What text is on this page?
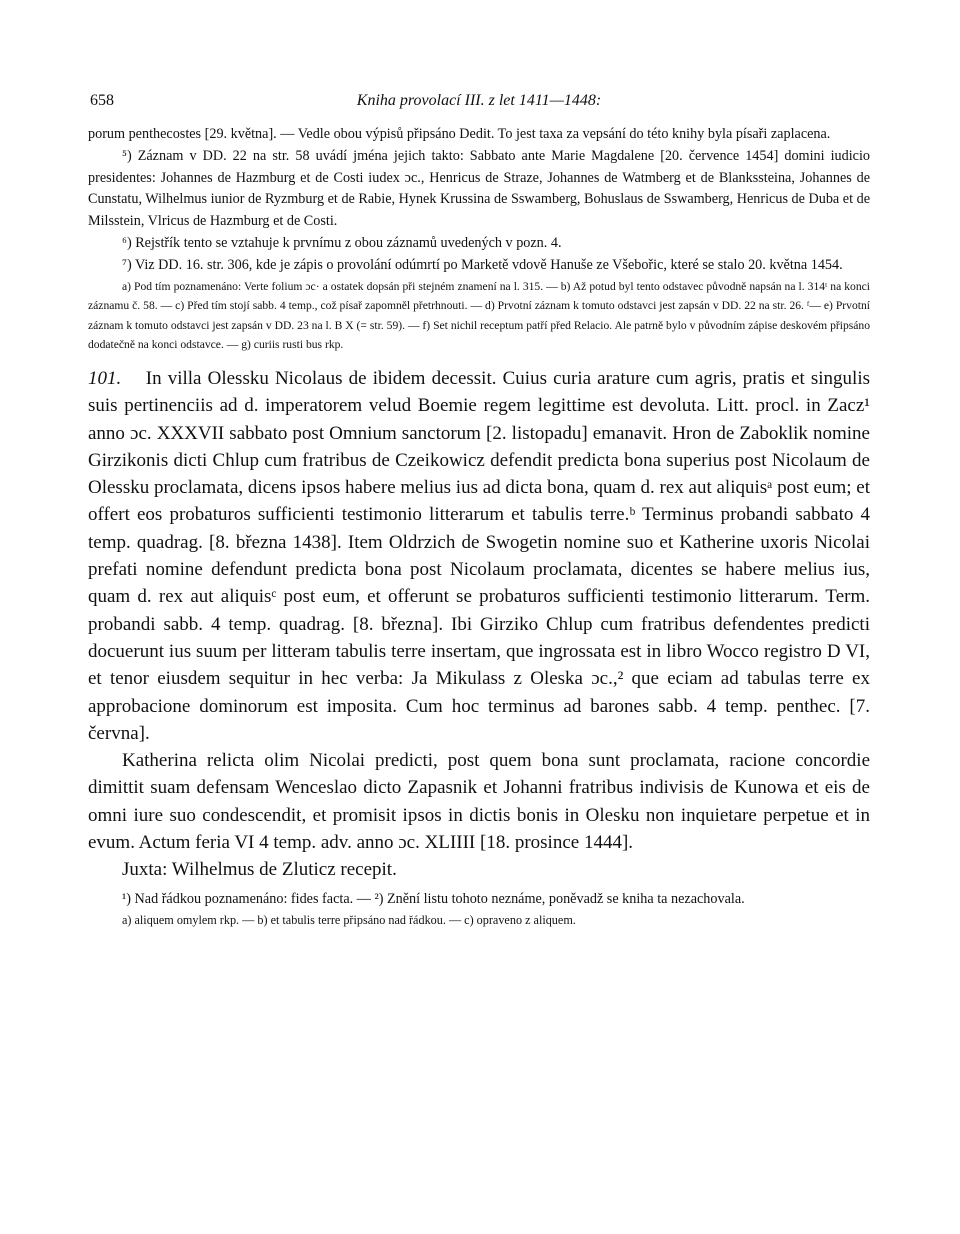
658	Kniha provolací III. z let 1411—1448:

porum penthecostes [29. května]. — Vedle obou výpisů připsáno Dedit. To jest taxa za vepsání do této knihy byla písaři zaplacena.

⁵) Záznam v DD. 22 na str. 58 uvádí jména jejich takto: Sabbato ante Marie Magdalene [20. července 1454] domini iudicio presidentes: Johannes de Hazmburg et de Costi iudex ɔc., Henricus de Straze, Johannes de Watmberg et de Blankssteina, Johannes de Cunstatu, Wilhelmus iunior de Ryzmburg et de Rabie, Hynek Krussina de Sswamberg, Bohuslaus de Sswamberg, Henricus de Duba et de Milsstein, Vlricus de Hazmburg et de Costi.

⁶) Rejstřík tento se vztahuje k prvnímu z obou záznamů uvedených v pozn. 4.

⁷) Viz DD. 16. str. 306, kde je zápis o provolání odúmrtí po Marketě vdově Hanuše ze Všebořic, které se stalo 20. května 1454.

a) Pod tím poznamenáno: Verte folium ɔc· a ostatek dopsán při stejném znamení na l. 315. — b) Až potud byl tento odstavec původně napsán na l. 314ᵗ na konci záznamu č. 58. — c) Před tím stojí sabb. 4 temp., což písař zapomněl přetrhnouti. — d) Prvotní záznam k tomuto odstavci jest zapsán v DD. 22 na str. 26. ᶠ— e) Prvotní záznam k tomuto odstavci jest zapsán v DD. 23 na l. B X (= str. 59). — f) Set nichil receptum patří před Relacio. Ale patrně bylo v původním zápise deskovém připsáno dodatečně na konci odstavce. — g) curiis rusti bus rkp.

101. In villa Olessku Nicolaus de ibidem decessit. Cuius curia arature cum agris, pratis et singulis suis pertinenciis ad d. imperatorem velud Boemie regem legittime est devoluta. Litt. procl. in Zacz¹ anno ɔc. XXXVII sabbato post Omnium sanctorum [2. listopadu] emanavit. Hron de Zaboklik nomine Girzikonis dicti Chlup cum fratribus de Czeikowicz defendit predicta bona superius post Nicolaum de Olessku proclamata, dicens ipsos habere melius ius ad dicta bona, quam d. rex aut aliquisᵃ post eum; et offert eos probaturos sufficienti testimonio litterarum et tabulis terre.ᵇ Terminus probandi sabbato 4 temp. quadrag. [8. března 1438]. Item Oldrzich de Swogetin nomine suo et Katherine uxoris Nicolai prefati nomine defendunt predicta bona post Nicolaum proclamata, dicentes se habere melius ius, quam d. rex aut aliquisᶜ post eum, et offerunt se probaturos sufficienti testimonio litterarum. Term. probandi sabb. 4 temp. quadrag. [8. března]. Ibi Girziko Chlup cum fratribus defendentes predicti docuerunt ius suum per litteram tabulis terre insertam, que ingrossata est in libro Wocco registro D VI, et tenor eiusdem sequitur in hec verba: Ja Mikulass z Oleska ɔc.,² que eciam ad tabulas terre ex approbacione dominorum est imposita. Cum hoc terminus ad barones sabb. 4 temp. penthec. [7. června].

Katherina relicta olim Nicolai predicti, post quem bona sunt proclamata, racione concordie dimittit suam defensam Wenceslao dicto Zapasnik et Johanni fratribus indivisis de Kunowa et eis de omni iure suo condescendit, et promisit ipsos in dictis bonis in Olesku non inquietare perpetue et in evum. Actum feria VI 4 temp. adv. anno ɔc. XLIIII [18. prosince 1444].

Juxta: Wilhelmus de Zluticz recepit.

¹) Nad řádkou poznamenáno: fides facta. — ²) Znění listu tohoto neznáme, poněvadž se kniha ta nezachovala.

a) aliquem omylem rkp. — b) et tabulis terre připsáno nad řádkou. — c) opraveno z aliquem.
